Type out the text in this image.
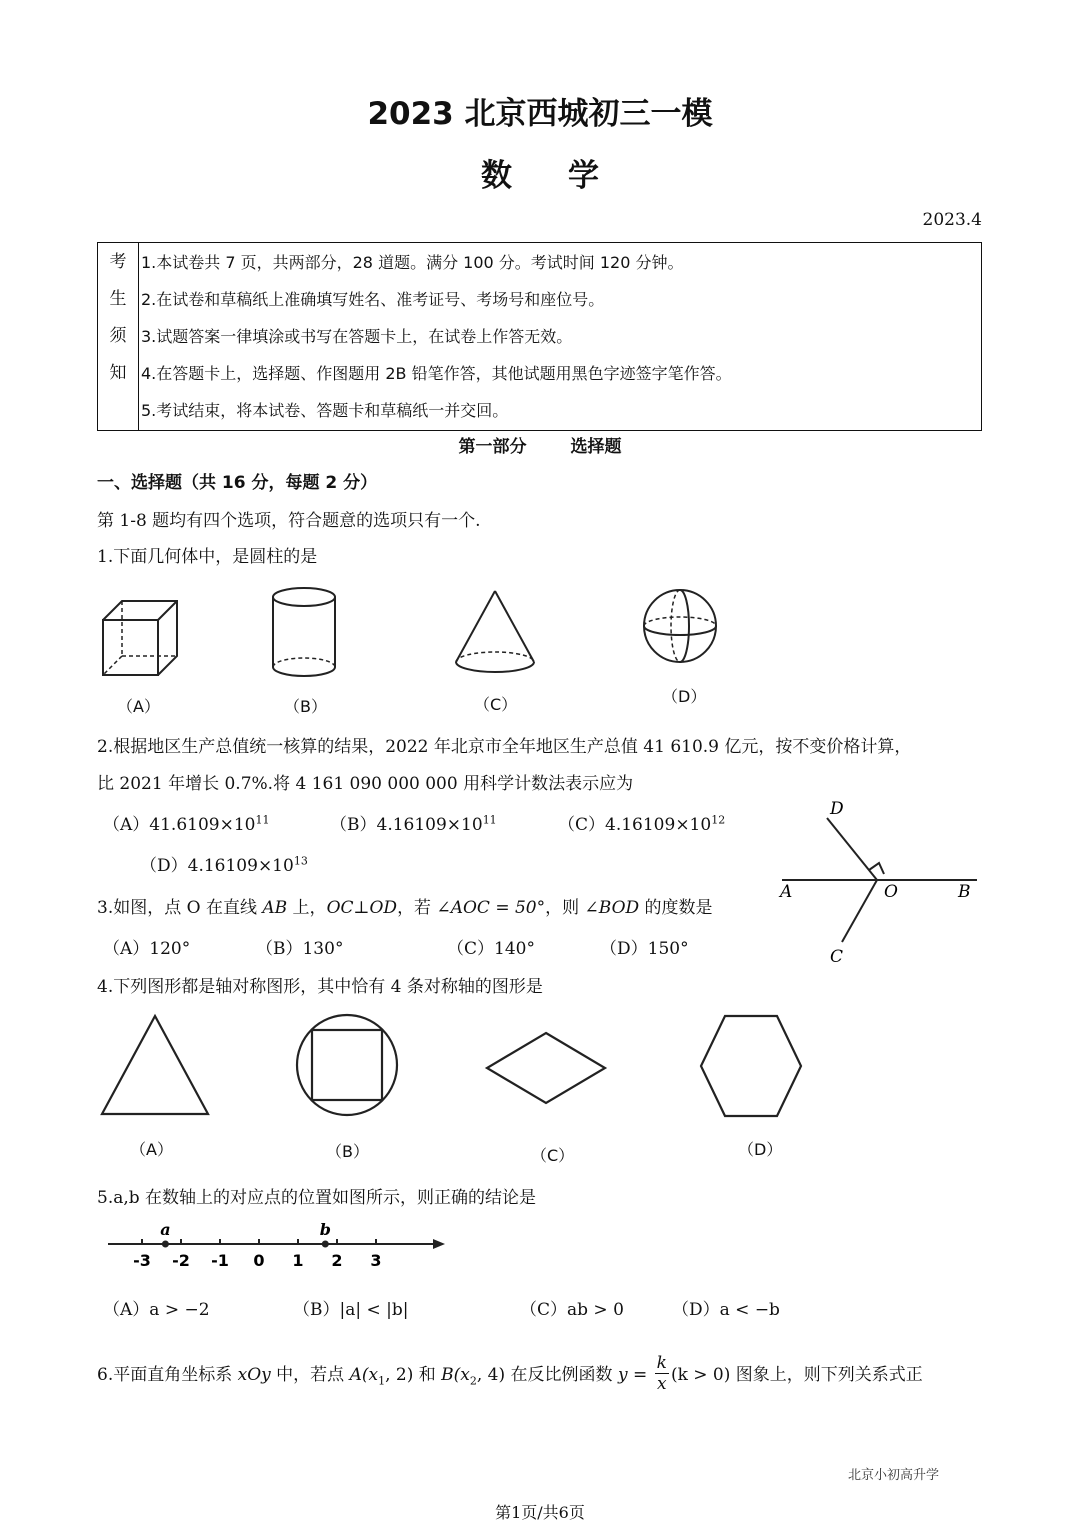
2023 北京西城初三一模
数学
2023.4
考
生
须
知

1.本试卷共 7 页，共两部分，28 道题。满分 100 分。考试时间 120 分钟。
2.在试卷和草稿纸上准确填写姓名、准考证号、考场号和座位号。
3.试题答案一律填涂或书写在答题卡上，在试卷上作答无效。
4.在答题卡上，选择题、作图题用 2B 铅笔作答，其他试题用黑色字迹签字笔作答。
5.考试结束，将本试卷、答题卡和草稿纸一并交回。
第一部分	选择题
一、选择题（共 16 分，每题 2 分）
第 1-8 题均有四个选项，符合题意的选项只有一个.
1.下面几何体中，是圆柱的是
（A）	（B）	（C）	（D）
2.根据地区生产总值统一核算的结果，2022 年北京市全年地区生产总值 41 610.9 亿元，按不变价格计算，
比 2021 年增长 0.7%.将 4 161 090 000 000 用科学计数法表示应为
$(A)41.6109\times 10^{11}$	$(B)4.16109\times 10^{11}$	$(C)4.16109\times 10^{12}$
$(D)4.16109\times 10^{13}$
A	O	B
C
D
3.如图，点 O 在直线 AB 上，OC⊥OD，若 ∠AOC = 50°，则 ∠BOD 的度数是
（A）120°	（B）130°	（C）140°	（D）150°
4.下列图形都是轴对称图形，其中恰有 4 条对称轴的图形是
（A）	（B）	（C）	（D）
5.a,b 在数轴上的对应点的位置如图所示，则正确的结论是
-3 -2 -1 0 1 2 3
a	b
（A）a > −2	（B）|a| < |b|	（C）ab > 0	（D）a < −b
6.平面直角坐标系 xOy 中，若点 $A(x_1$, 2) 和 $B(x_2$, 4) 在反比例函数 $y = \frac{k}{x} (k > 0)$ 图象上，则下列关系式正
北京小初高升学
第1页/共6页
